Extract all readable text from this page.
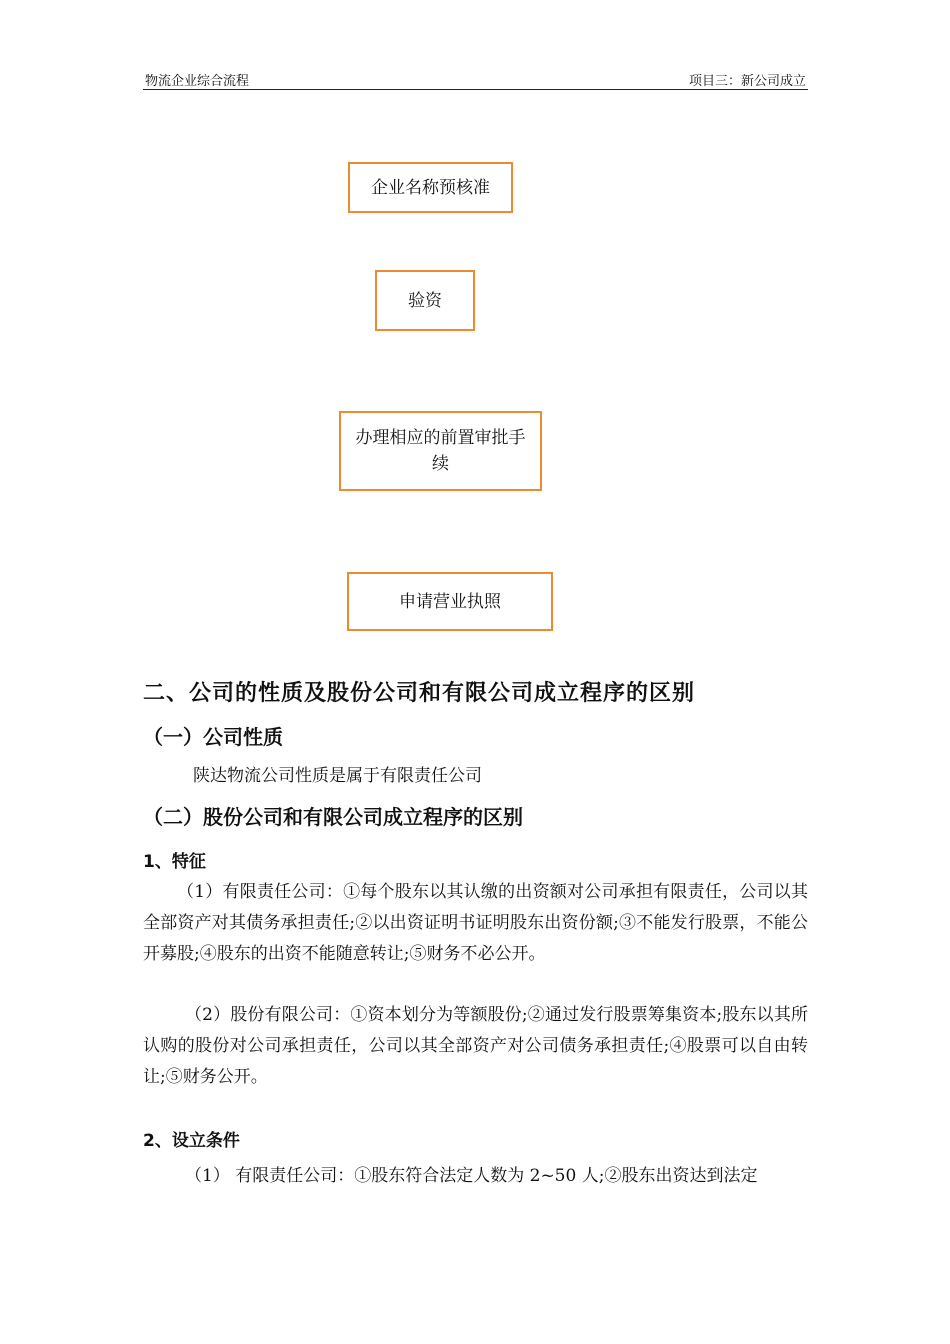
物流企业综合流程	项目三：新公司成立
企业名称预核准
验资
办理相应的前置审批手续
申请营业执照
二、公司的性质及股份公司和有限公司成立程序的区别
（一）公司性质
陕达物流公司性质是属于有限责任公司
（二）股份公司和有限公司成立程序的区别
1、特征
（1）有限责任公司：①每个股东以其认缴的出资额对公司承担有限责任，公司以其全部资产对其债务承担责任;②以出资证明书证明股东出资份额;③不能发行股票，不能公开募股;④股东的出资不能随意转让;⑤财务不必公开。
（2）股份有限公司：①资本划分为等额股份;②通过发行股票筹集资本;股东以其所认购的股份对公司承担责任，公司以其全部资产对公司债务承担责任;④股票可以自由转让;⑤财务公开。
2、设立条件
（1） 有限责任公司：①股东符合法定人数为 2~50 人;②股东出资达到法定
